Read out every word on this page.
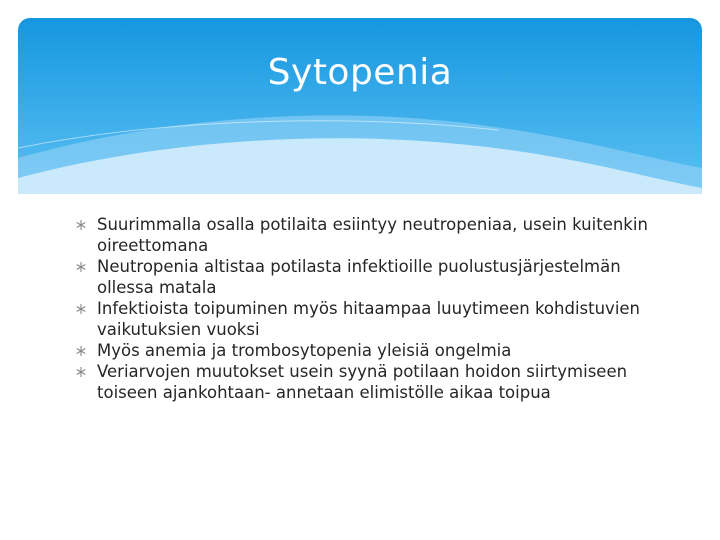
Sytopenia
Suurimmalla osalla potilaita esiintyy neutropeniaa, usein kuitenkin oireettomana
Neutropenia altistaa potilasta infektioille puolustusjärjestelmän ollessa matala
Infektioista toipuminen myös hitaampaa luuytimeen kohdistuvien vaikutuksien vuoksi
Myös anemia ja trombosytopenia yleisiä ongelmia
Veriarvojen muutokset usein syynä potilaan hoidon siirtymiseen toiseen ajankohtaan- annetaan elimistölle aikaa toipua
